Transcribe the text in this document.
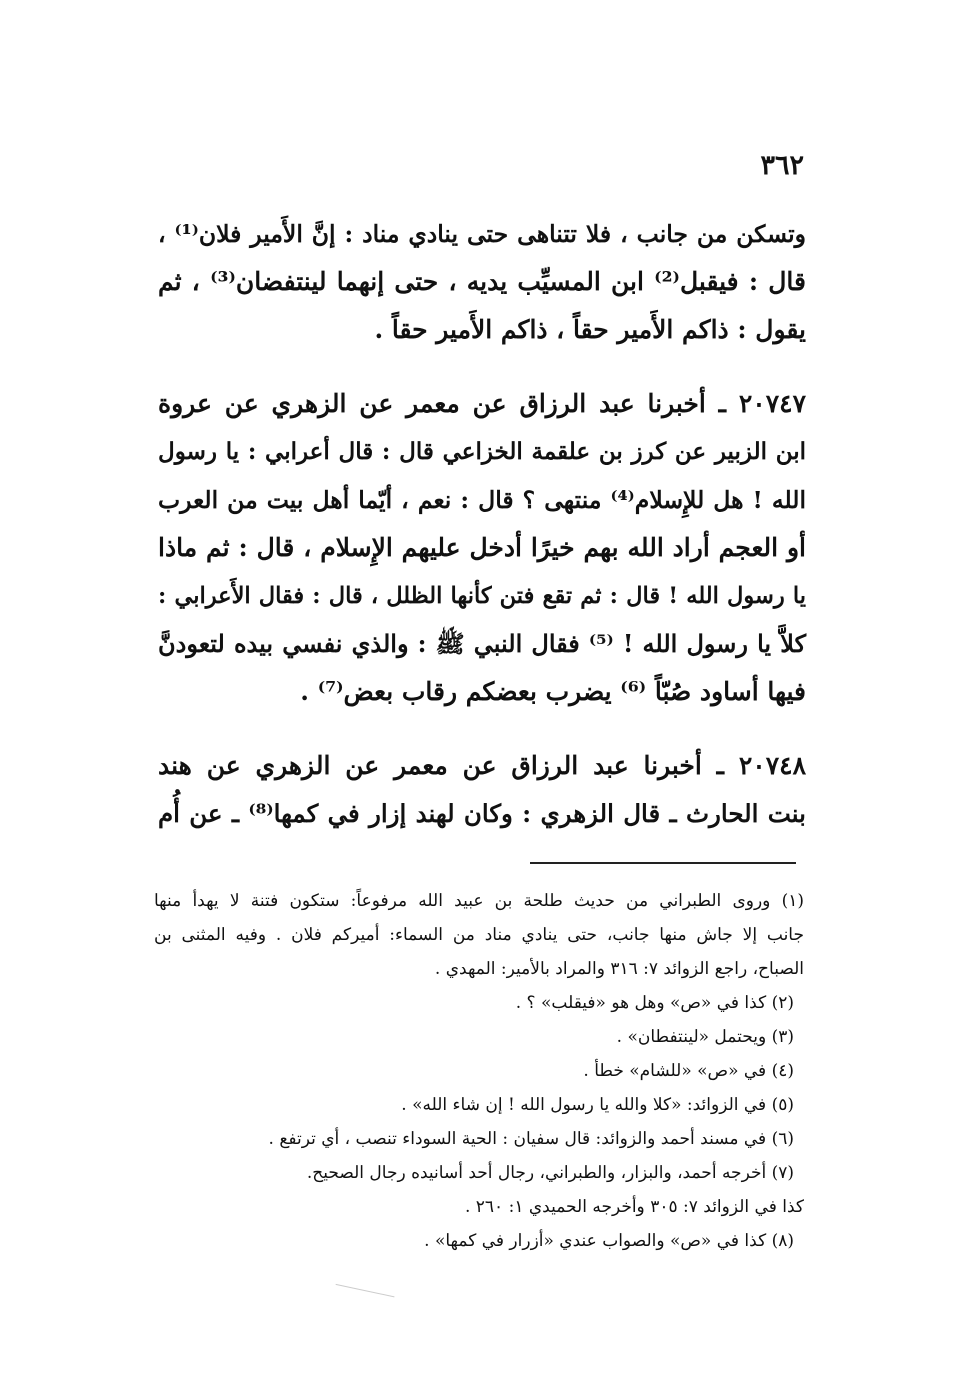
٣٦٢
وتسكن من جانب ، فلا تتناهى حتى ينادي مناد : إنَّ الأَمير فلان⁽¹⁾ ،
قال : فيقبل⁽²⁾ ابن المسيِّب يديه ، حتى إنهما لينتفضان⁽³⁾ ، ثم
يقول : ذاكم الأَمير حقاً ، ذاكم الأَمير حقاً .
٢٠٧٤٧ ـ أخبرنا عبد الرزاق عن معمر عن الزهري عن عروة
ابن الزبير عن كرز بن علقمة الخزاعي قال : قال أعرابي : يا رسول
الله ! هل للإِسلام⁽⁴⁾ منتهى ؟ قال : نعم ، أيّما أهل بيت من العرب
أو العجم أراد الله بهم خيرًا أدخل عليهم الإِسلام ، قال : ثم ماذا
يا رسول الله ! قال : ثم تقع فتن كأنها الظلل ، قال : فقال الأَعرابي :
كلاَّ يا رسول الله ! ⁽⁵⁾ فقال النبي ﷺ : والذي نفسي بيده لتعودنَّ
فيها أساود صُبّاً ⁽⁶⁾ يضرب بعضكم رقاب بعض⁽⁷⁾ .
٢٠٧٤٨ ـ أخبرنا عبد الرزاق عن معمر عن الزهري عن هند
بنت الحارث ـ قال الزهري : وكان لهند إزار في كمها⁽⁸⁾ ـ عن أُم
(١) وروى الطبراني من حديث طلحة بن عبيد الله مرفوعاً: ستكون فتنة لا يهدأ منها
جانب إلا جاش منها جانب، حتى ينادي مناد من السماء: أميركم فلان . وفيه المثنى بن
الصباح، راجع الزوائد ٧: ٣١٦ والمراد بالأمير: المهدي .
(٢) كذا في «ص» وهل هو «فيقلب» ؟ .
(٣) ويحتمل «لينتفطان» .
(٤) في «ص» «للشام» خطأ .
(٥) في الزوائد: «كلا والله يا رسول الله ! إن شاء الله» .
(٦) في مسند أحمد والزوائد: قال سفيان : الحية السوداء تنصب ، أي ترتفع .
(٧) أخرجه أحمد، والبزار، والطبراني، رجال أحد أسانيده رجال الصحيح.
كذا في الزوائد ٧: ٣٠٥ وأخرجه الحميدي ١: ٢٦٠ .
(٨) كذا في «ص» والصواب عندي «أزرار في كمها» .
